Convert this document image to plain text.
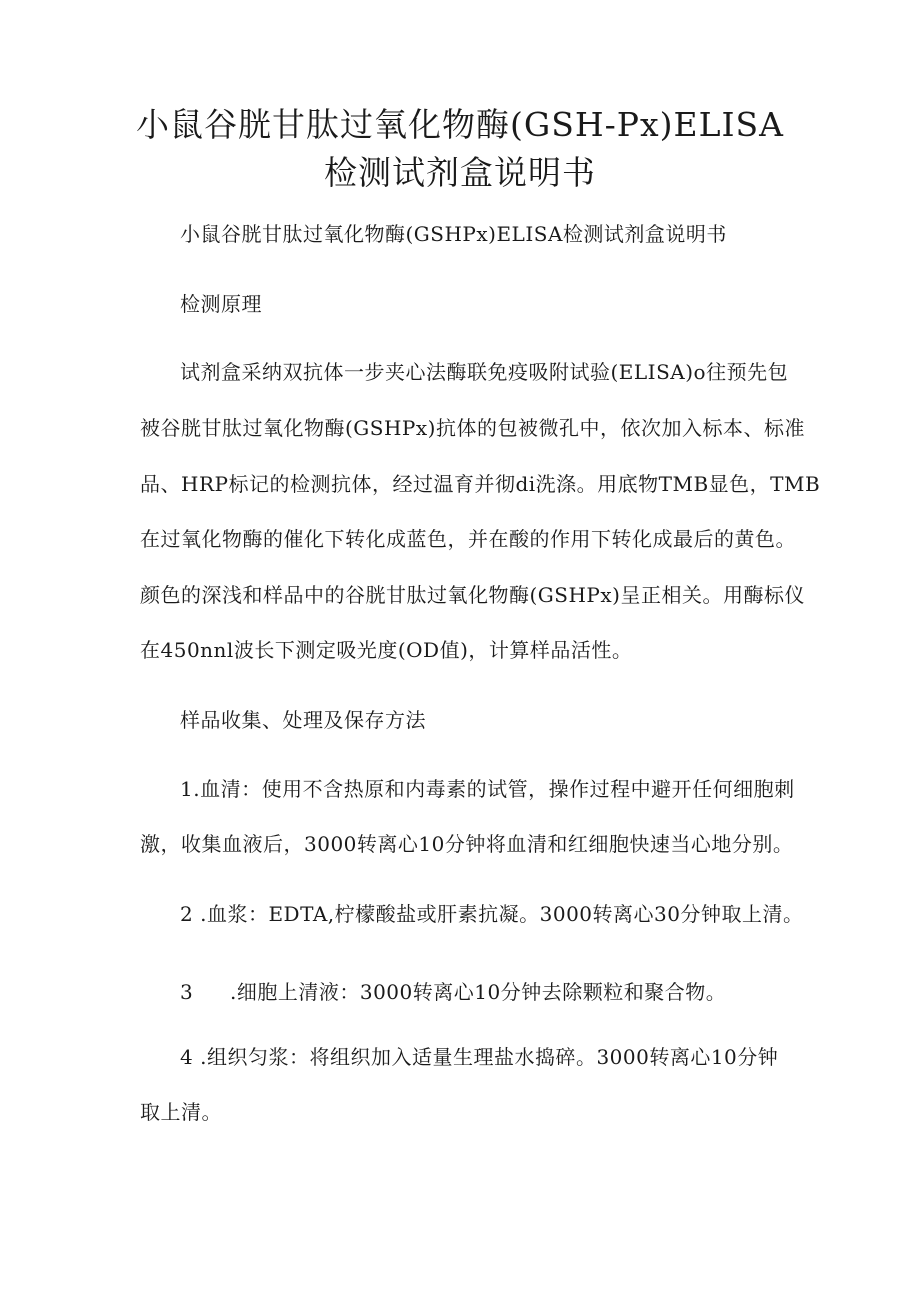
小鼠谷胱甘肽过氧化物酶(GSH-Px)ELISA
检测试剂盒说明书
小鼠谷胱甘肽过氧化物酶(GSHPx)ELISA检测试剂盒说明书
检测原理
试剂盒采纳双抗体一步夹心法酶联免疫吸附试验(ELISA)o往预先包
被谷胱甘肽过氧化物酶(GSHPx)抗体的包被微孔中，依次加入标本、标准
品、HRP标记的检测抗体，经过温育并彻di洗涤。用底物TMB显色，TMB
在过氧化物酶的催化下转化成蓝色，并在酸的作用下转化成最后的黄色。
颜色的深浅和样品中的谷胱甘肽过氧化物酶(GSHPx)呈正相关。用酶标仪
在450nnl波长下测定吸光度(OD值)，计算样品活性。
样品收集、处理及保存方法
1.血清：使用不含热原和内毒素的试管，操作过程中避开任何细胞刺
激，收集血液后，3000转离心10分钟将血清和红细胞快速当心地分别。
2 .血浆：EDTA,柠檬酸盐或肝素抗凝。3000转离心30分钟取上清。
3	.细胞上清液：3000转离心10分钟去除颗粒和聚合物。
4 .组织匀浆：将组织加入适量生理盐水捣碎。3000转离心10分钟
取上清。
